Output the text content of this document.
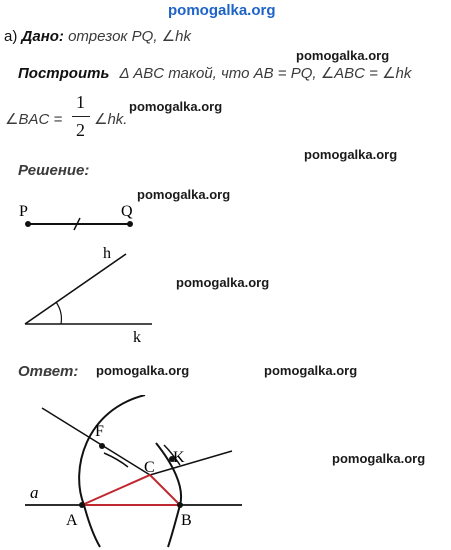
pomogalka.org
а) Дано: отрезок PQ, ∠hk
pomogalka.org
Построить Δ ABC такой, что AB = PQ, ∠ABC = ∠hk
∠BAC =
1
2
∠hk.
pomogalka.org
pomogalka.org
Решение:
pomogalka.org
P	Q
h
k
pomogalka.org
Ответ: pomogalka.org	pomogalka.org
pomogalka.org
a
A	B
C
F
K
